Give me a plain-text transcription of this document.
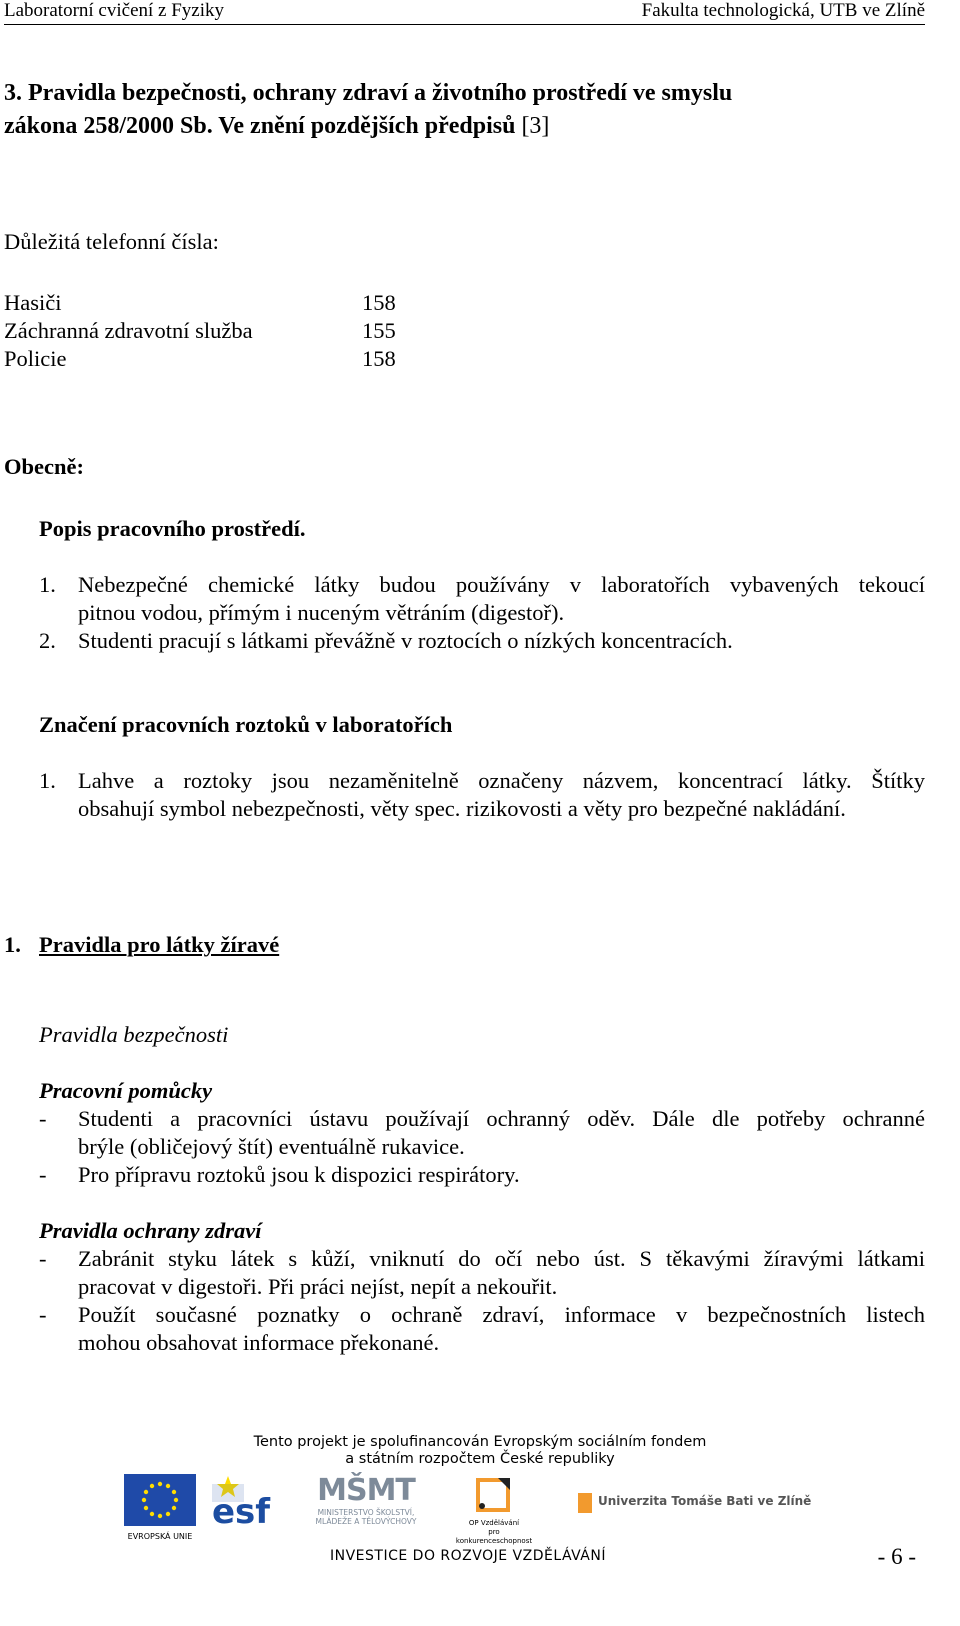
Laboratorní cvičení z Fyziky	Fakulta technologická, UTB ve Zlíně
3. Pravidla bezpečnosti, ochrany zdraví a životního prostředí ve smyslu
zákona 258/2000 Sb. Ve znění pozdějších předpisů [3]
Důležitá telefonní čísla:
Hasiči	158
Záchranná zdravotní služba	155
Policie	158
Obecně:
Popis pracovního prostředí.
1. Nebezpečné chemické látky budou používány v laboratořích vybavených tekoucí
pitnou vodou, přímým i nuceným větráním (digestoř).
2. Studenti pracují s látkami převážně v roztocích o nízkých koncentracích.
Značení pracovních roztoků v laboratořích
1. Lahve a roztoky jsou nezaměnitelně označeny názvem, koncentrací látky. Štítky
obsahují symbol nebezpečnosti, věty spec. rizikovosti a věty pro bezpečné nakládání.
1. Pravidla pro látky žíravé
Pravidla bezpečnosti
Pracovní pomůcky
- Studenti a pracovníci ústavu používají ochranný oděv. Dále dle potřeby ochranné
brýle (obličejový štít) eventuálně rukavice.
- Pro přípravu roztoků jsou k dispozici respirátory.
Pravidla ochrany zdraví
- Zabránit styku látek s kůží, vniknutí do očí nebo úst. S těkavými žíravými látkami
pracovat v digestoři. Při práci nejíst, nepít a nekouřit.
- Použít současné poznatky o ochraně zdraví, informace v bezpečnostních listech
mohou obsahovat informace překonané.
Tento projekt je spolufinancován Evropským sociálním fondem
a státním rozpočtem České republiky
EVROPSKÁ UNIE
esf
MŠMT
MINISTERSTVO ŠKOLSTVÍ,
MLÁDEŽE A TĚLOVÝCHOVY	OP Vzdělávání
pro konkurenceschopnost
Univerzita Tomáše Bati ve Zlíně
INVESTICE DO ROZVOJE VZDĚLÁVÁNÍ	- 6 -
